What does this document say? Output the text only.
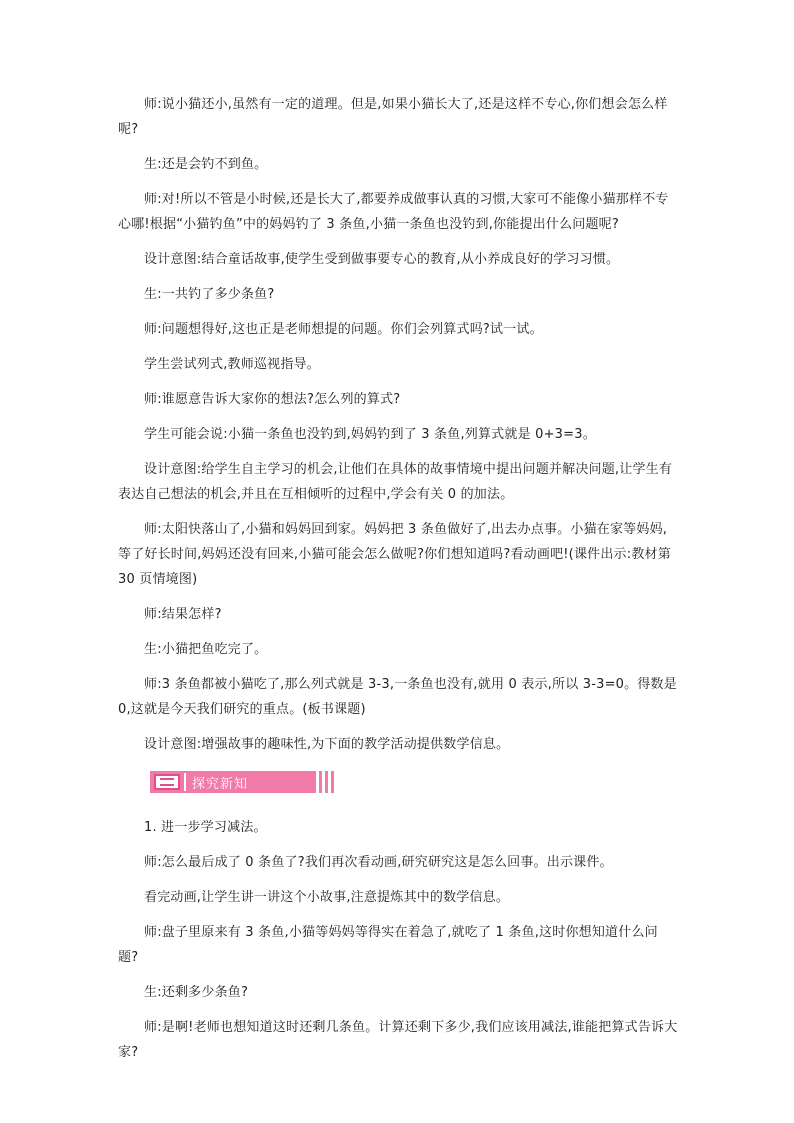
师:说小猫还小,虽然有一定的道理。但是,如果小猫长大了,还是这样不专心,你们想会怎么样呢?

生:还是会钓不到鱼。

师:对!所以不管是小时候,还是长大了,都要养成做事认真的习惯,大家可不能像小猫那样不专心哪!根据“小猫钓鱼”中的妈妈钓了 3 条鱼,小猫一条鱼也没钓到,你能提出什么问题呢?

设计意图:结合童话故事,使学生受到做事要专心的教育,从小养成良好的学习习惯。

生:一共钓了多少条鱼?

师:问题想得好,这也正是老师想提的问题。你们会列算式吗?试一试。

学生尝试列式,教师巡视指导。

师:谁愿意告诉大家你的想法?怎么列的算式?

学生可能会说:小猫一条鱼也没钓到,妈妈钓到了 3 条鱼,列算式就是 0+3=3。

设计意图:给学生自主学习的机会,让他们在具体的故事情境中提出问题并解决问题,让学生有表达自己想法的机会,并且在互相倾听的过程中,学会有关 0 的加法。

师:太阳快落山了,小猫和妈妈回到家。妈妈把 3 条鱼做好了,出去办点事。小猫在家等妈妈,等了好长时间,妈妈还没有回来,小猫可能会怎么做呢?你们想知道吗?看动画吧!(课件出示:教材第 30 页情境图)

师:结果怎样?

生:小猫把鱼吃完了。

师:3 条鱼都被小猫吃了,那么列式就是 3-3,一条鱼也没有,就用 0 表示,所以 3-3=0。得数是 0,这就是今天我们研究的重点。(板书课题)

设计意图:增强故事的趣味性,为下面的教学活动提供数学信息。

探究新知

1. 进一步学习减法。

师:怎么最后成了 0 条鱼了?我们再次看动画,研究研究这是怎么回事。出示课件。

看完动画,让学生讲一讲这个小故事,注意提炼其中的数学信息。

师:盘子里原来有 3 条鱼,小猫等妈妈等得实在着急了,就吃了 1 条鱼,这时你想知道什么问题?

生:还剩多少条鱼?

师:是啊!老师也想知道这时还剩几条鱼。计算还剩下多少,我们应该用减法,谁能把算式告诉大家?
